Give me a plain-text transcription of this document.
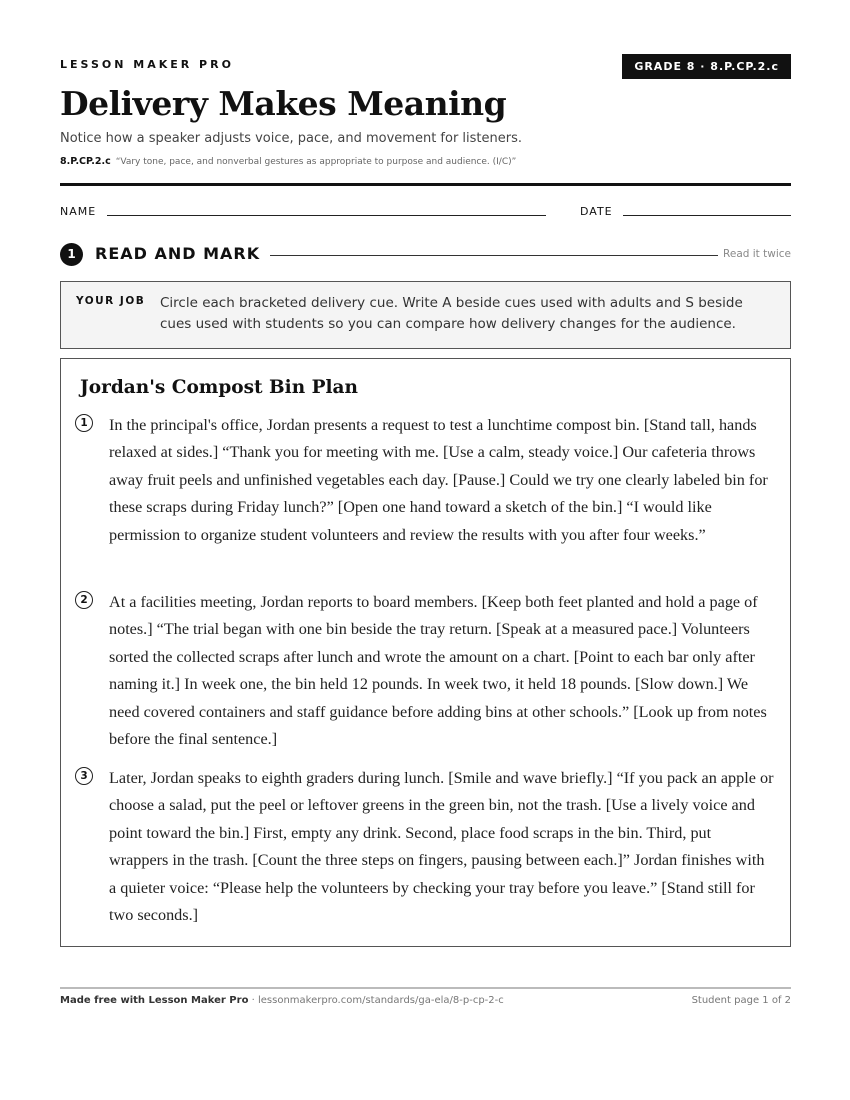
LESSON MAKER PRO	GRADE 8 · 8.P.CP.2.c
Delivery Makes Meaning
Notice how a speaker adjusts voice, pace, and movement for listeners.
8.P.CP.2.c “Vary tone, pace, and nonverbal gestures as appropriate to purpose and audience. (I/C)”
NAME	DATE
1	READ AND MARK	Read it twice
YOUR JOB Circle each bracketed delivery cue. Write A beside cues used with adults and S beside cues used with students so you can compare how delivery changes for the audience.
Jordan's Compost Bin Plan
1	In the principal's office, Jordan presents a request to test a lunchtime compost bin. [Stand tall, hands relaxed at sides.] “Thank you for meeting with me. [Use a calm, steady voice.] Our cafeteria throws away fruit peels and unfinished vegetables each day. [Pause.] Could we try one clearly labeled bin for these scraps during Friday lunch?” [Open one hand toward a sketch of the bin.] “I would like permission to organize student volunteers and review the results with you after four weeks.”

2	At a facilities meeting, Jordan reports to board members. [Keep both feet planted and hold a page of notes.] “The trial began with one bin beside the tray return. [Speak at a measured pace.] Volunteers sorted the collected scraps after lunch and wrote the amount on a chart. [Point to each bar only after naming it.] In week one, the bin held 12 pounds. In week two, it held 18 pounds. [Slow down.] We need covered containers and staff guidance before adding bins at other schools.” [Look up from notes before the final sentence.]

3	Later, Jordan speaks to eighth graders during lunch. [Smile and wave briefly.] “If you pack an apple or choose a salad, put the peel or leftover greens in the green bin, not the trash. [Use a lively voice and point toward the bin.] First, empty any drink. Second, place food scraps in the bin. Third, put wrappers in the trash. [Count the three steps on fingers, pausing between each.]” Jordan finishes with a quieter voice: “Please help the volunteers by checking your tray before you leave.” [Stand still for two seconds.]

Made free with Lesson Maker Pro · lessonmakerpro.com/standards/ga-ela/8-p-cp-2-c	Student page 1 of 2
